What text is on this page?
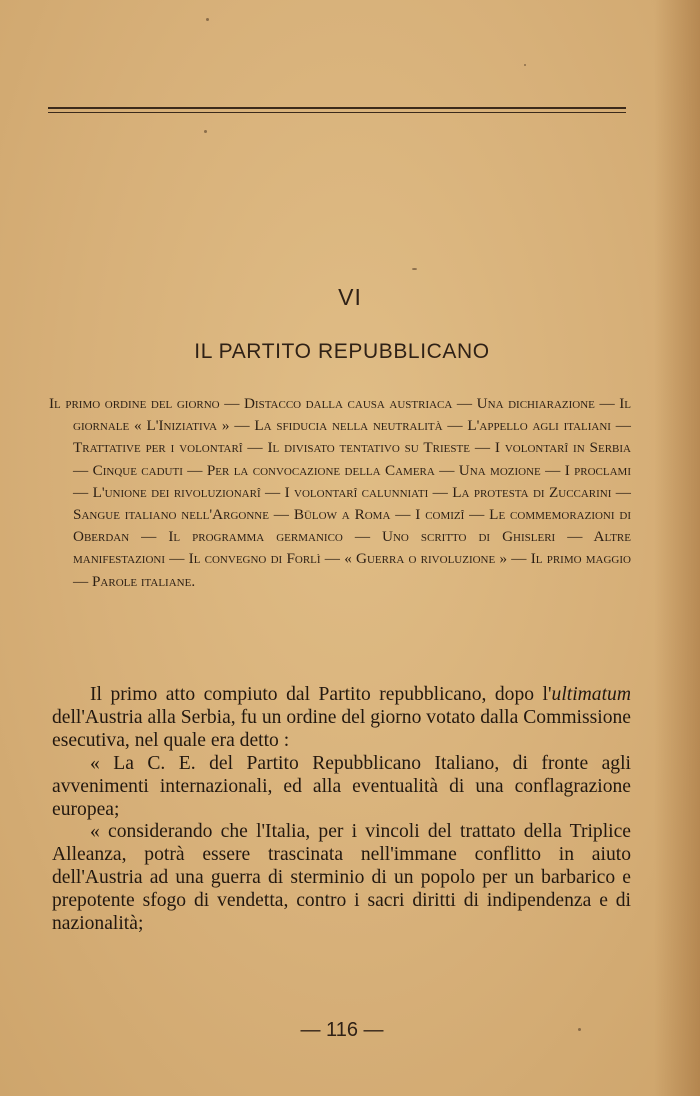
VI
IL PARTITO REPUBBLICANO
Il primo ordine del giorno — Distacco dalla causa austriaca — Una dichiarazione — Il giornale « L'Iniziativa » — La sfiducia nella neutralità — L'appello agli italiani — Trattative per i volontarî — Il divisato tentativo su Trieste — I volontarî in Serbia — Cinque caduti — Per la convocazione della Camera — Una mozione — I proclami — L'unione dei rivoluzionarî — I volontarî calunniati — La protesta di Zuccarini — Sangue italiano nell'Argonne — Bülow a Roma — I comizî — Le commemorazioni di Oberdan — Il programma germanico — Uno scritto di Ghisleri — Altre manifestazioni — Il convegno di Forlì — « Guerra o rivoluzione » — Il primo maggio — Parole italiane.

Il primo atto compiuto dal Partito repubblicano, dopo l'ultimatum dell'Austria alla Serbia, fu un ordine del giorno votato dalla Commissione esecutiva, nel quale era detto :

« La C. E. del Partito Repubblicano Italiano, di fronte agli avvenimenti internazionali, ed alla eventualità di una conflagrazione europea;

« considerando che l'Italia, per i vincoli del trattato della Triplice Alleanza, potrà essere trascinata nell'immane conflitto in aiuto dell'Austria ad una guerra di sterminio di un popolo per un barbarico e prepotente sfogo di vendetta, contro i sacri diritti di indipendenza e di nazionalità;

— 116 —
